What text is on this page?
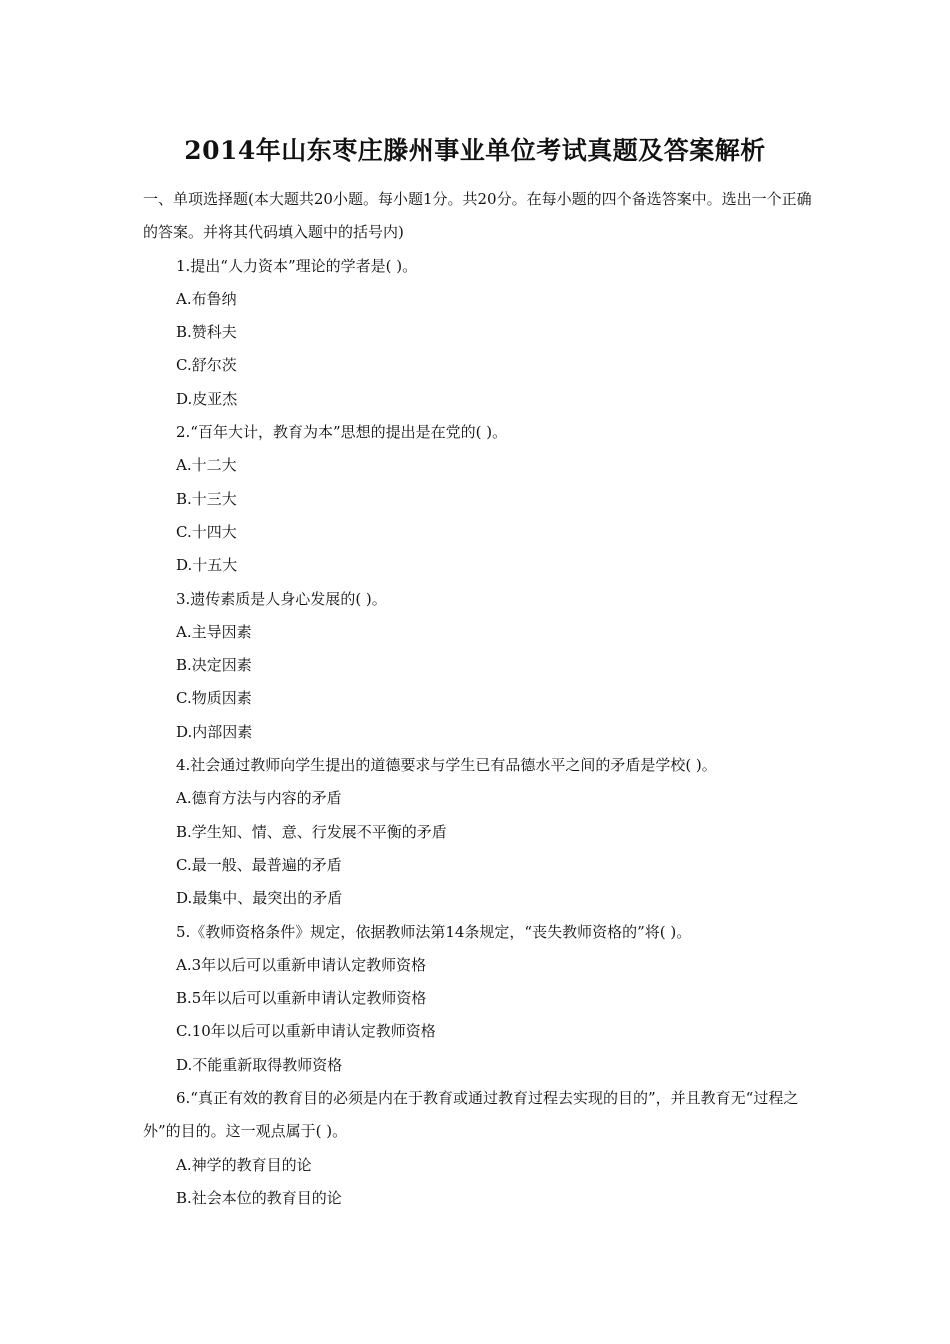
2014年山东枣庄滕州事业单位考试真题及答案解析
一、单项选择题(本大题共20小题。每小题1分。共20分。在每小题的四个备选答案中。选出一个正确的答案。并将其代码填入题中的括号内)
1.提出“人力资本”理论的学者是( )。
A.布鲁纳
B.赞科夫
C.舒尔茨
D.皮亚杰
2.“百年大计，教育为本”思想的提出是在党的( )。
A.十二大
B.十三大
C.十四大
D.十五大
3.遗传素质是人身心发展的( )。
A.主导因素
B.决定因素
C.物质因素
D.内部因素
4.社会通过教师向学生提出的道德要求与学生已有品德水平之间的矛盾是学校( )。
A.德育方法与内容的矛盾
B.学生知、情、意、行发展不平衡的矛盾
C.最一般、最普遍的矛盾
D.最集中、最突出的矛盾
5.《教师资格条件》规定，依据教师法第14条规定，“丧失教师资格的”将( )。
A.3年以后可以重新申请认定教师资格
B.5年以后可以重新申请认定教师资格
C.10年以后可以重新申请认定教师资格
D.不能重新取得教师资格
6.“真正有效的教育目的必须是内在于教育或通过教育过程去实现的目的”，并且教育无“过程之外”的目的。这一观点属于( )。
A.神学的教育目的论
B.社会本位的教育目的论
